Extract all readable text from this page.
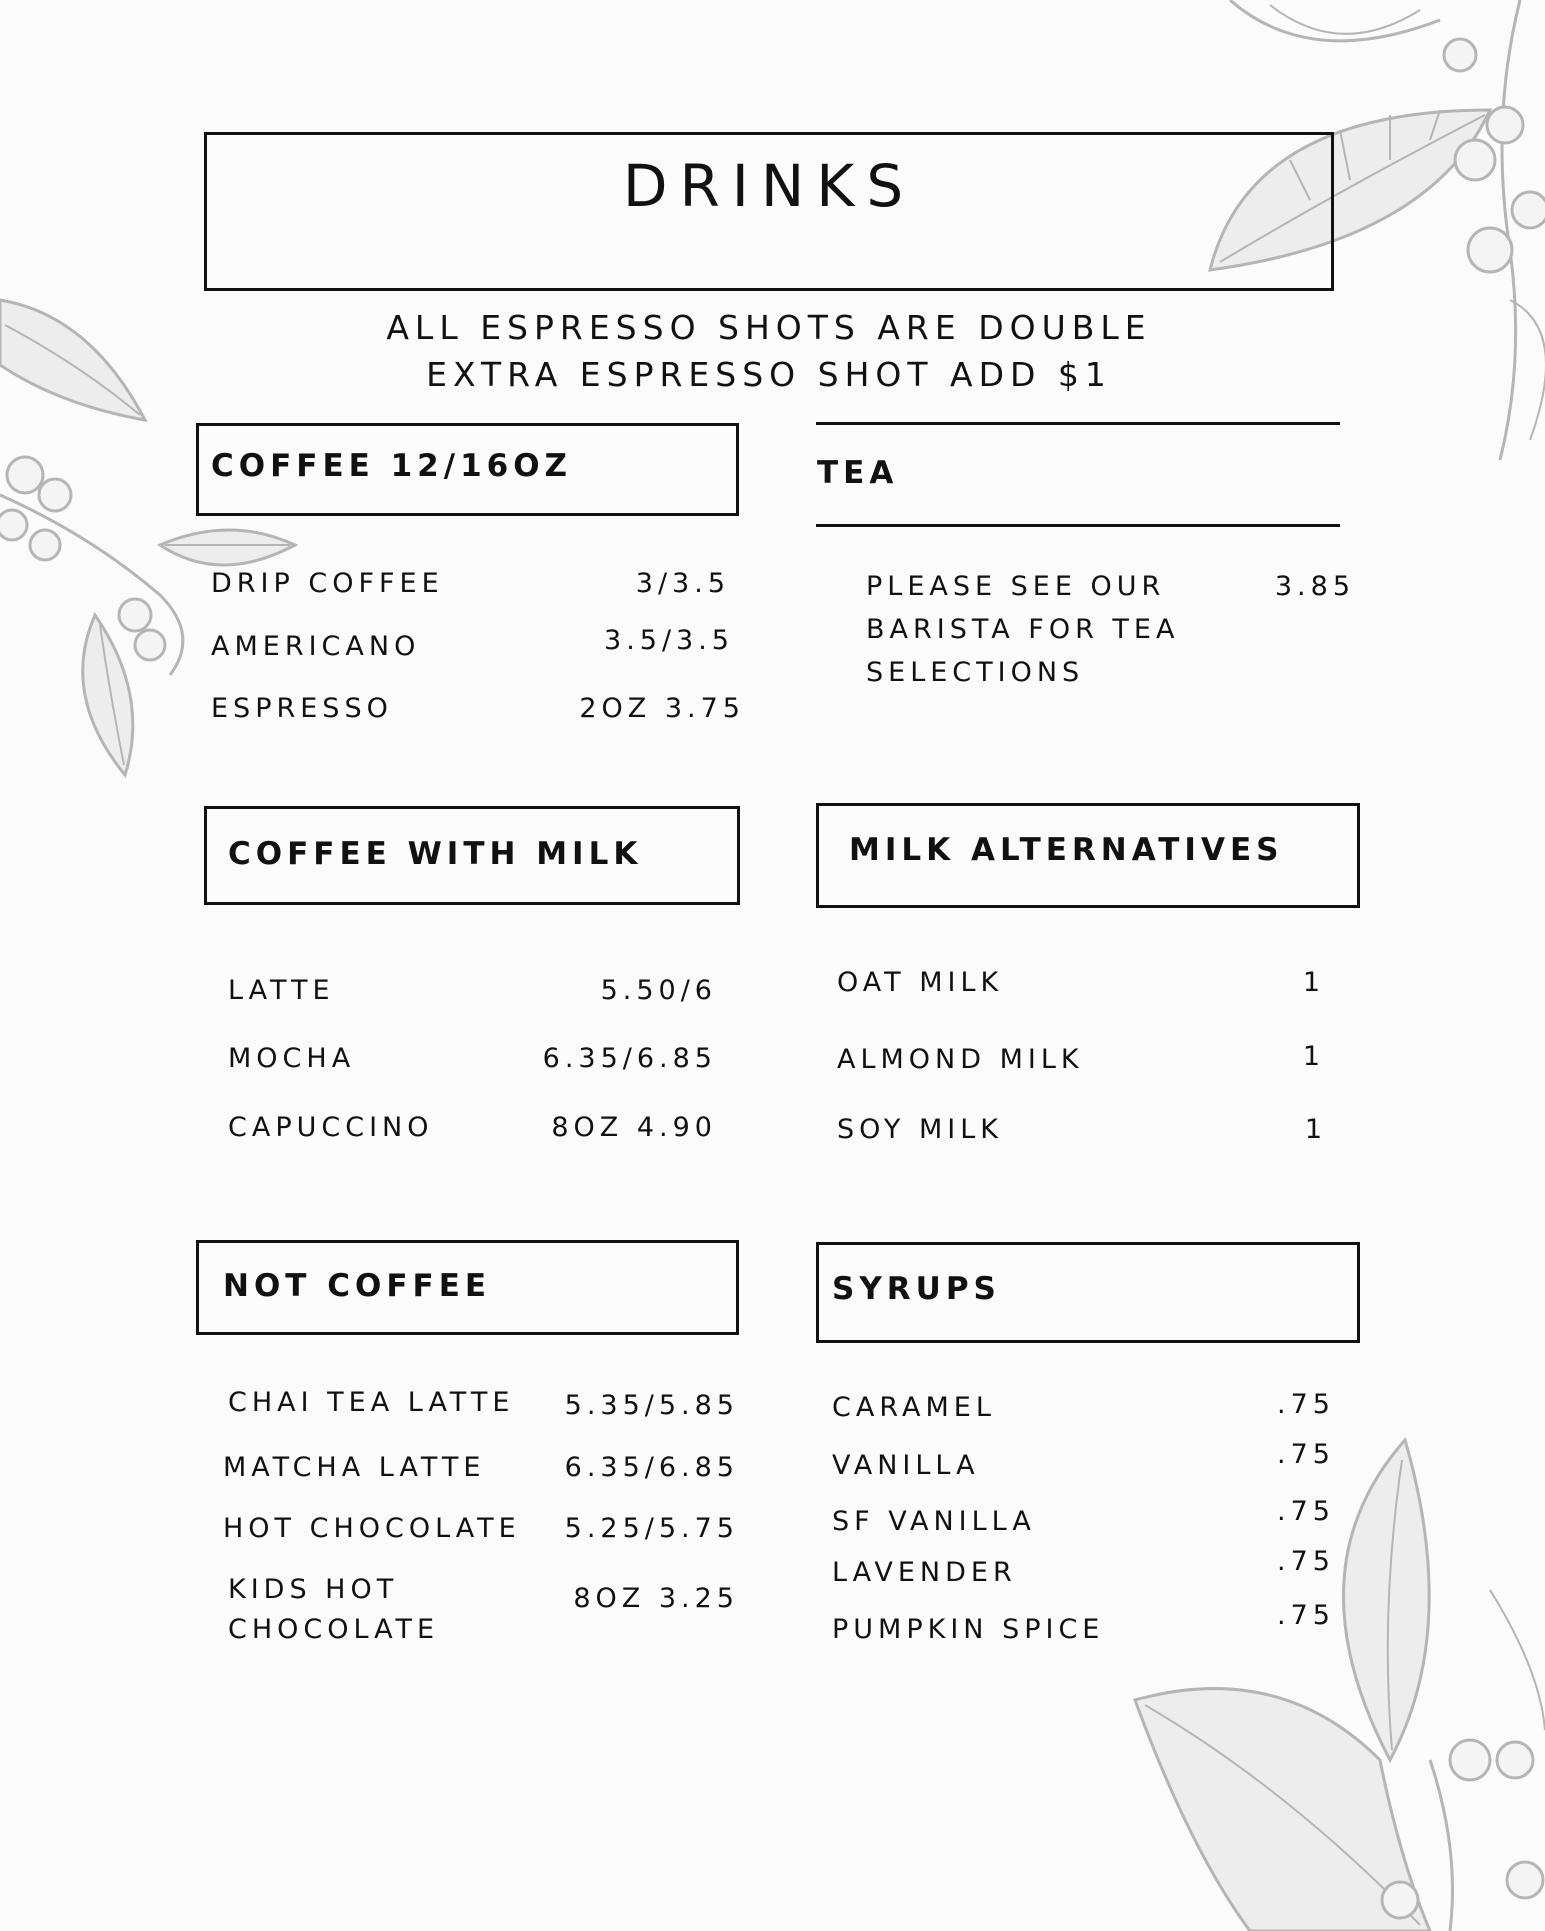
DRINKS
ALL ESPRESSO SHOTS ARE DOUBLE
EXTRA ESPRESSO SHOT ADD $1
COFFEE 12/16OZ
DRIP COFFEE	3/3.5
AMERICANO	3.5/3.5
ESPRESSO	2OZ 3.75
TEA
PLEASE SEE OUR
BARISTA FOR TEA
SELECTIONS
3.85
COFFEE WITH MILK
LATTE	5.50/6
MOCHA	6.35/6.85
CAPUCCINO	8OZ 4.90
MILK ALTERNATIVES
OAT MILK	1
ALMOND MILK	1
SOY MILK	1
NOT COFFEE
CHAI TEA LATTE 5.35/5.85
MATCHA LATTE	6.35/6.85
HOT CHOCOLATE 5.25/5.75
KIDS HOT
CHOCOLATE
8OZ 3.25
SYRUPS
CARAMEL	.75
VANILLA	.75
SF VANILLA	.75
LAVENDER	.75
PUMPKIN SPICE	.75
